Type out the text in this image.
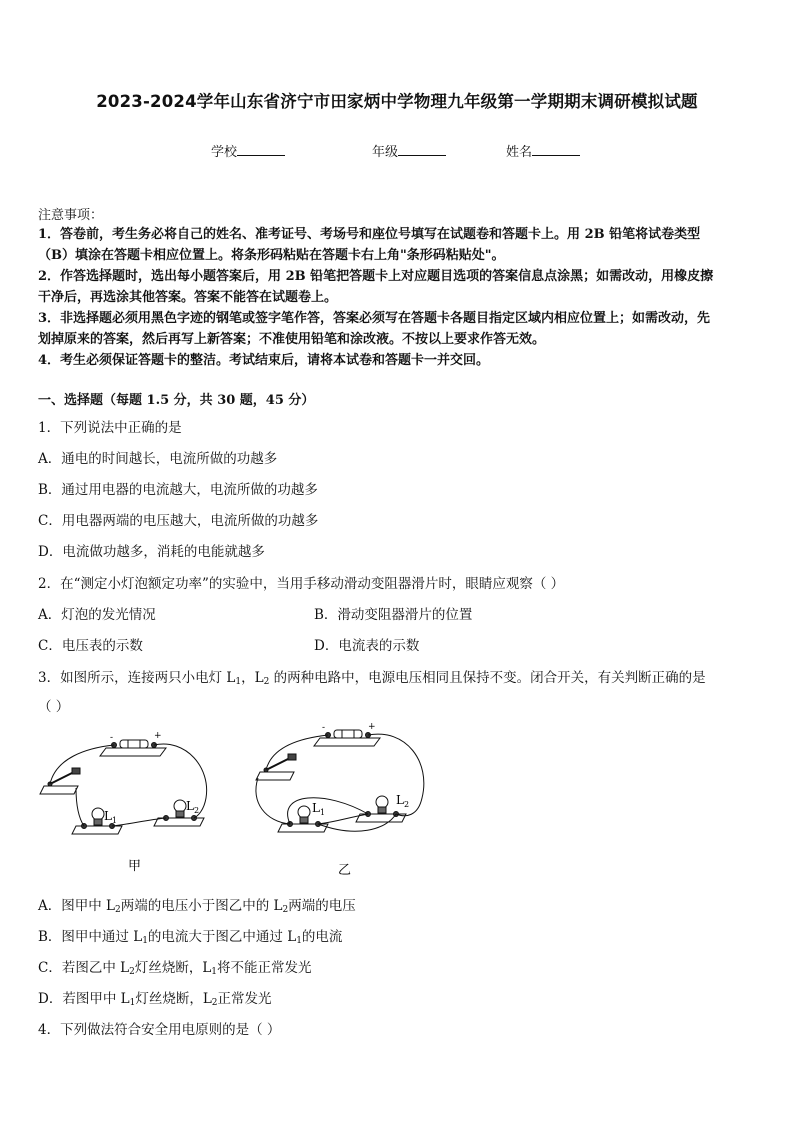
2023-2024学年山东省济宁市田家炳中学物理九年级第一学期期末调研模拟试题
学校	年级	姓名
注意事项：
1．答卷前，考生务必将自己的姓名、准考证号、考场号和座位号填写在试题卷和答题卡上。用 2B 铅笔将试卷类型
（B）填涂在答题卡相应位置上。将条形码粘贴在答题卡右上角"条形码粘贴处"。
2．作答选择题时，选出每小题答案后，用 2B 铅笔把答题卡上对应题目选项的答案信息点涂黑；如需改动，用橡皮擦
干净后，再选涂其他答案。答案不能答在试题卷上。
3．非选择题必须用黑色字迹的钢笔或签字笔作答，答案必须写在答题卡各题目指定区域内相应位置上；如需改动，先
划掉原来的答案，然后再写上新答案；不准使用铅笔和涂改液。不按以上要求作答无效。
4．考生必须保证答题卡的整洁。考试结束后，请将本试卷和答题卡一并交回。
一、选择题（每题 1.5 分，共 30 题，45 分）
1．下列说法中正确的是
A．通电的时间越长，电流所做的功越多
B．通过用电器的电流越大，电流所做的功越多
C．用电器两端的电压越大，电流所做的功越多
D．电流做功越多，消耗的电能就越多
2．在“测定小灯泡额定功率”的实验中，当用手移动滑动变阻器滑片时，眼睛应观察（ ）
A．灯泡的发光情况	B．滑动变阻器滑片的位置
C．电压表的示数	D．电流表的示数
3．如图所示，连接两只小电灯 $L_1$，$L_2$ 的两种电路中，电源电压相同且保持不变。闭合开关，有关判断正确的是
（ ）
-	+
L 1
L 2
甲
-	+
L 1
L 2
乙
A．图甲中 $L_2$两端的电压小于图乙中的 $L_2$两端的电压
B．图甲中通过 $L_1$的电流大于图乙中通过 $L_1$的电流
C．若图乙中 $L_2$灯丝烧断，$L_1$将不能正常发光
D．若图甲中 $L_1$灯丝烧断，$L_2$正常发光
4．下列做法符合安全用电原则的是（ ）
